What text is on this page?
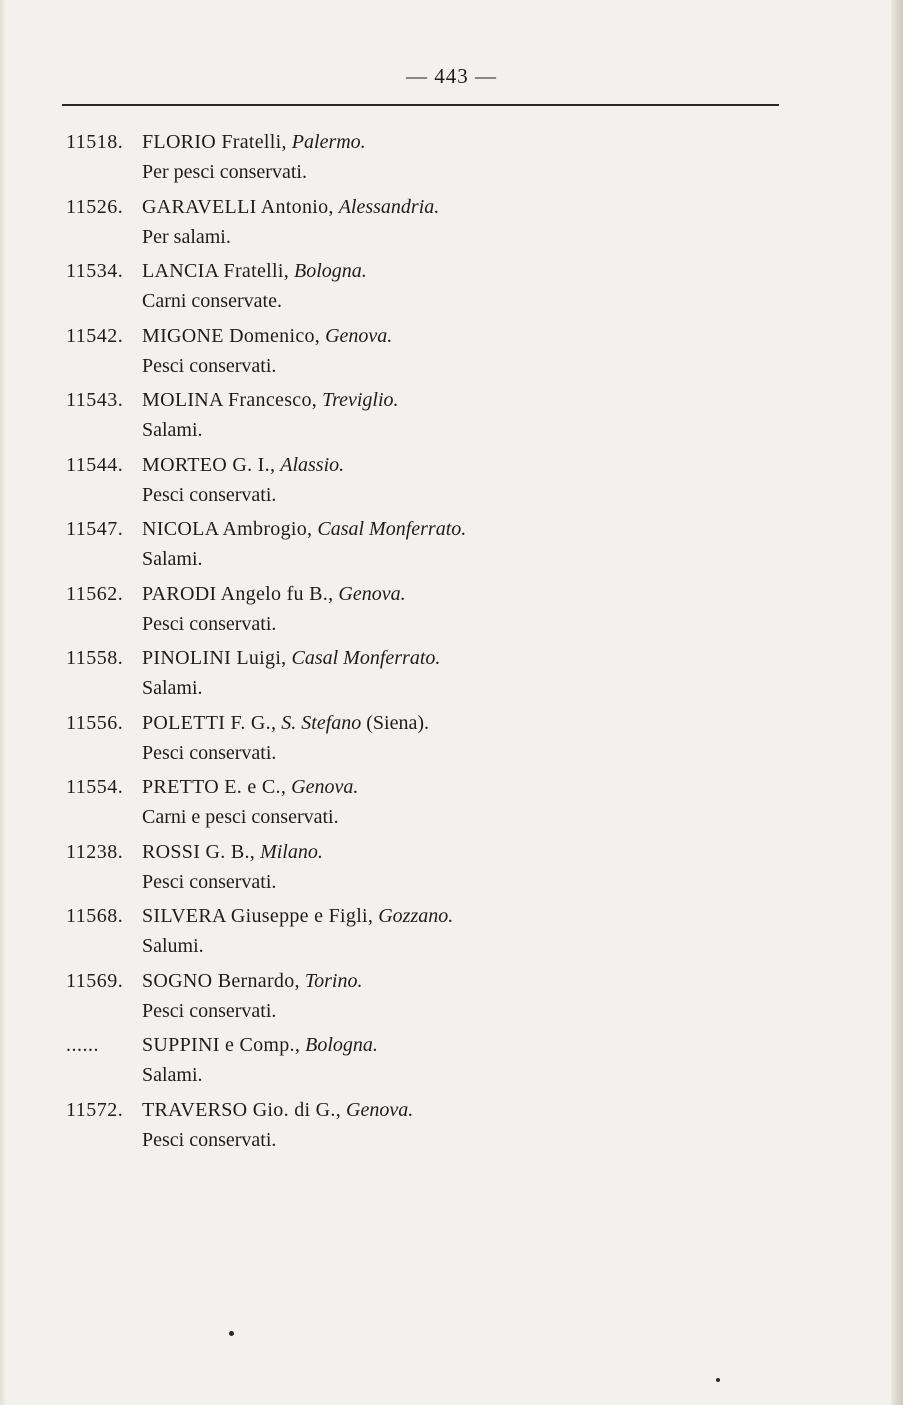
— 443 —
11518. FLORIO Fratelli, Palermo.
Per pesci conservati.
11526. GARAVELLI Antonio, Alessandria.
Per salami.
11534. LANCIA Fratelli, Bologna.
Carni conservate.
11542. MIGONE Domenico, Genova.
Pesci conservati.
11543. MOLINA Francesco, Treviglio.
Salami.
11544. MORTEO G. I., Alassio.
Pesci conservati.
11547. NICOLA Ambrogio, Casal Monferrato.
Salami.
11562. PARODI Angelo fu B., Genova.
Pesci conservati.
11558. PINOLINI Luigi, Casal Monferrato.
Salami.
11556. POLETTI F. G., S. Stefano (Siena).
Pesci conservati.
11554. PRETTO E. e C., Genova.
Carni e pesci conservati.
11238. ROSSI G. B., Milano.
Pesci conservati.
11568. SILVERA Giuseppe e Figli, Gozzano.
Salumi.
11569. SOGNO Bernardo, Torino.
Pesci conservati.
...... SUPPINI e Comp., Bologna.
Salami.
11572. TRAVERSO Gio. di G., Genova.
Pesci conservati.
